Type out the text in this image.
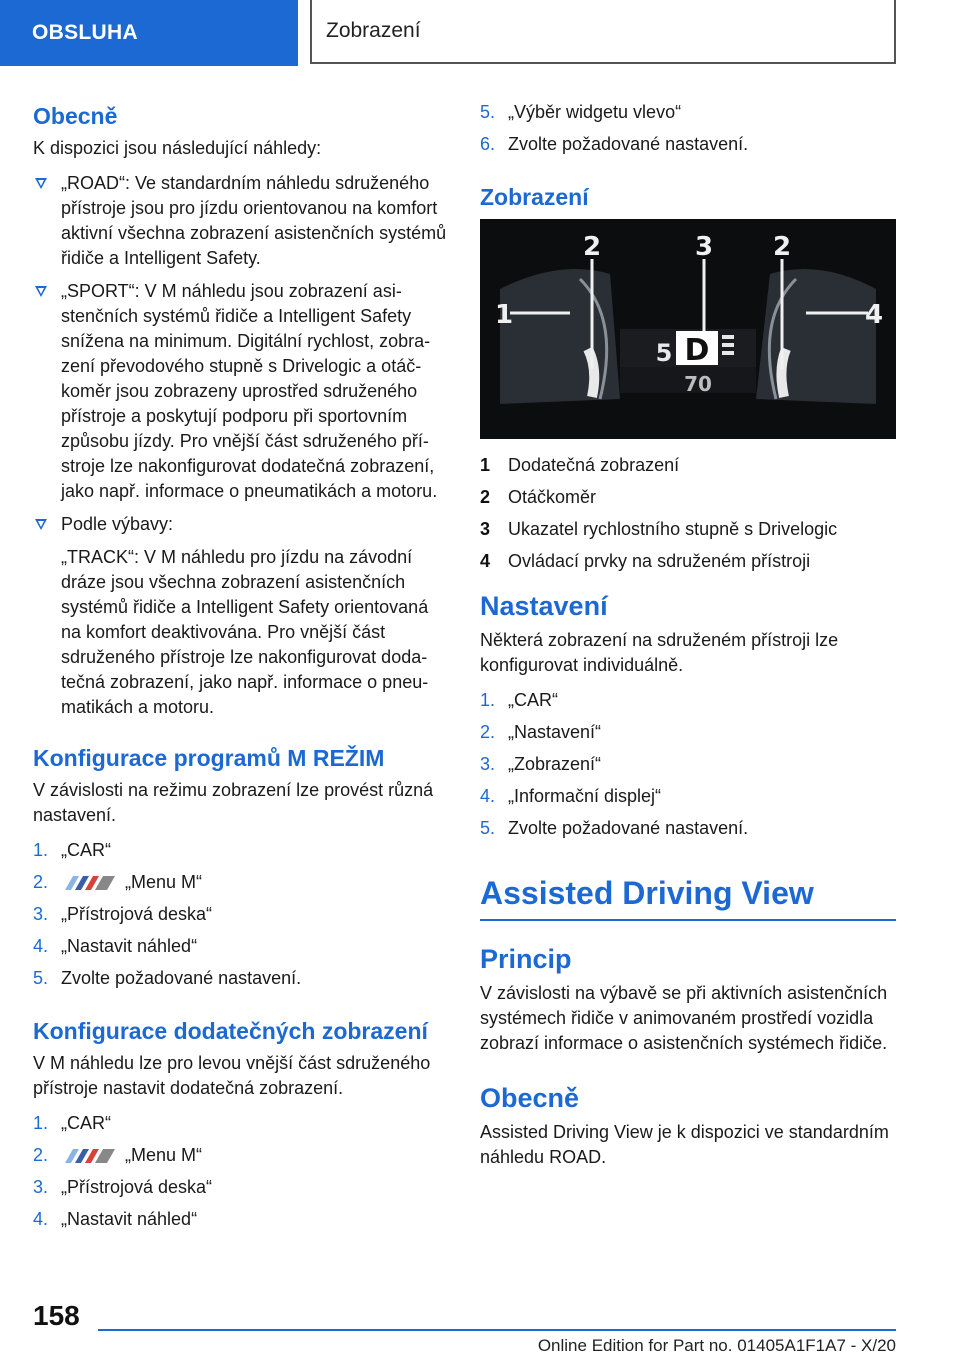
OBSLUHA	Zobrazení
Obecně

K dispozici jsou následující náhledy:

„ROAD“: Ve standardním náhledu sdruženého přístroje jsou pro jízdu orientovanou na komfort aktivní všechna zobrazení asistenčních systémů řidiče a Intelligent Safety.
„SPORT“: V M náhledu jsou zobrazení asistenčních systémů řidiče a Intelligent Safety snížena na minimum. Digitální rychlost, zobrazení převodového stupně s Drivelogic a otáčkoměr jsou zobrazeny uprostřed sdruženého přístroje a poskytují podporu při sportovním způsobu jízdy. Pro vnější část sdruženého přístroje lze nakonfigurovat dodatečná zobrazení, jako např. informace o pneumatikách a motoru.
Podle výbavy:
„TRACK“: V M náhledu pro jízdu na závodní dráze jsou všechna zobrazení asistenčních systémů řidiče a Intelligent Safety orientovaná na komfort deaktivována. Pro vnější část sdruženého přístroje lze nakonfigurovat dodatečná zobrazení, jako např. informace o pneumatikách a motoru.
Konfigurace programů M REŽIM

V závislosti na režimu zobrazení lze provést různá nastavení.

1. „CAR“
2.	„Menu M“
3. „Přístrojová deska“
4. „Nastavit náhled“
5. Zvolte požadované nastavení.
Konfigurace dodatečných zobrazení

V M náhledu lze pro levou vnější část sdruženého přístroje nastavit dodatečná zobrazení.

1. „CAR“
2.	„Menu M“
3. „Přístrojová deska“
4. „Nastavit náhled“
5. „Výběr widgetu vlevo“
6. Zvolte požadované nastavení.
Zobrazení
2	3 2
1	4
5 D
70
1 Dodatečná zobrazení
2 Otáčkoměr
3 Ukazatel rychlostního stupně s Drivelogic
4 Ovládací prvky na sdruženém přístroji
Nastavení

Některá zobrazení na sdruženém přístroji lze konfigurovat individuálně.

1. „CAR“
2. „Nastavení“
3. „Zobrazení“
4. „Informační displej“
5. Zvolte požadované nastavení.
Assisted Driving View
Princip

V závislosti na výbavě se při aktivních asistenčních systémech řidiče v animovaném prostředí vozidla zobrazí informace o asistenčních systémech řidiče.

Obecně

Assisted Driving View je k dispozici ve standardním náhledu ROAD.

158
Online Edition for Part no. 01405A1F1A7 - X/20
